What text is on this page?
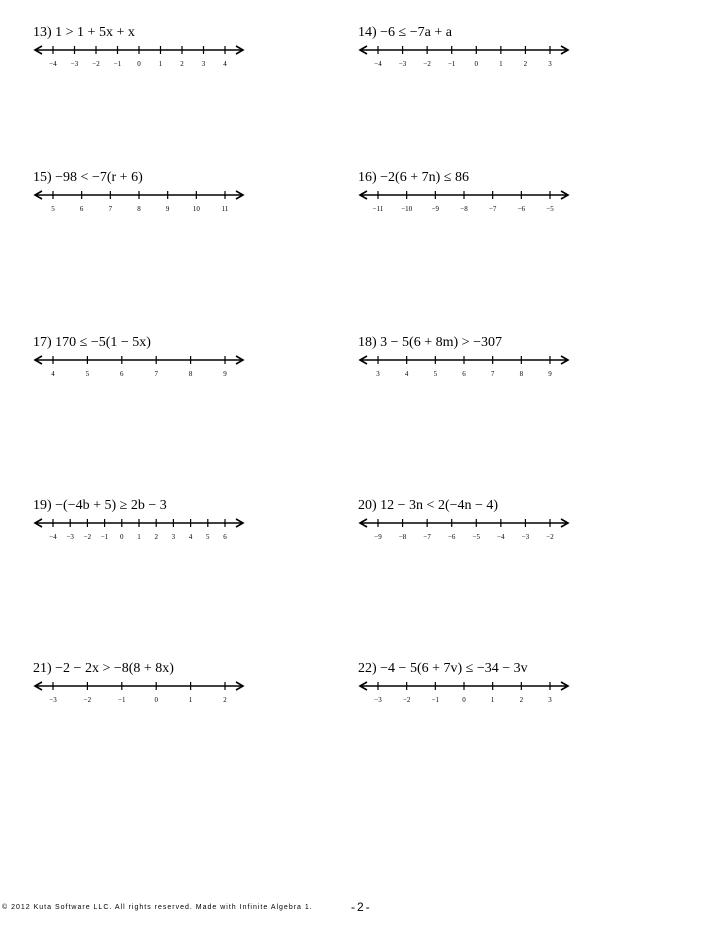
13) 1 > 1 + 5x + x
−4 −3 −2 −1 0	1	2	3	4
14) −6 ≤ −7a + a
−4 −3 −2 −1	0	1	2	3
15) −98 < −7(r + 6)
5	6	7	8	9	10	11
16) −2(6 + 7n) ≤ 86
−11	−10	−9	−8	−7	−6	−5
17) 170 ≤ −5(1 − 5x)
4	5	6	7	8	9
18) 3 − 5(6 + 8m) > −307
3	4	5	6	7	8	9
19) −(−4b + 5) ≥ 2b − 3
−4 −3 −2 −1 0 1 2 3 4 5 6
20) 12 − 3n < 2(−4n − 4)
−9 −8 −7 −6 −5 −4 −3 −2
21) −2 − 2x > −8(8 + 8x)
−3	−2	−1	0	1	2
22) −4 − 5(6 + 7v) ≤ −34 − 3v
−3	−2	−1	0	1	2	3
© 2012 Kuta Software LLC. All rights reserved. Made with Infinite Algebra 1.	-2-
